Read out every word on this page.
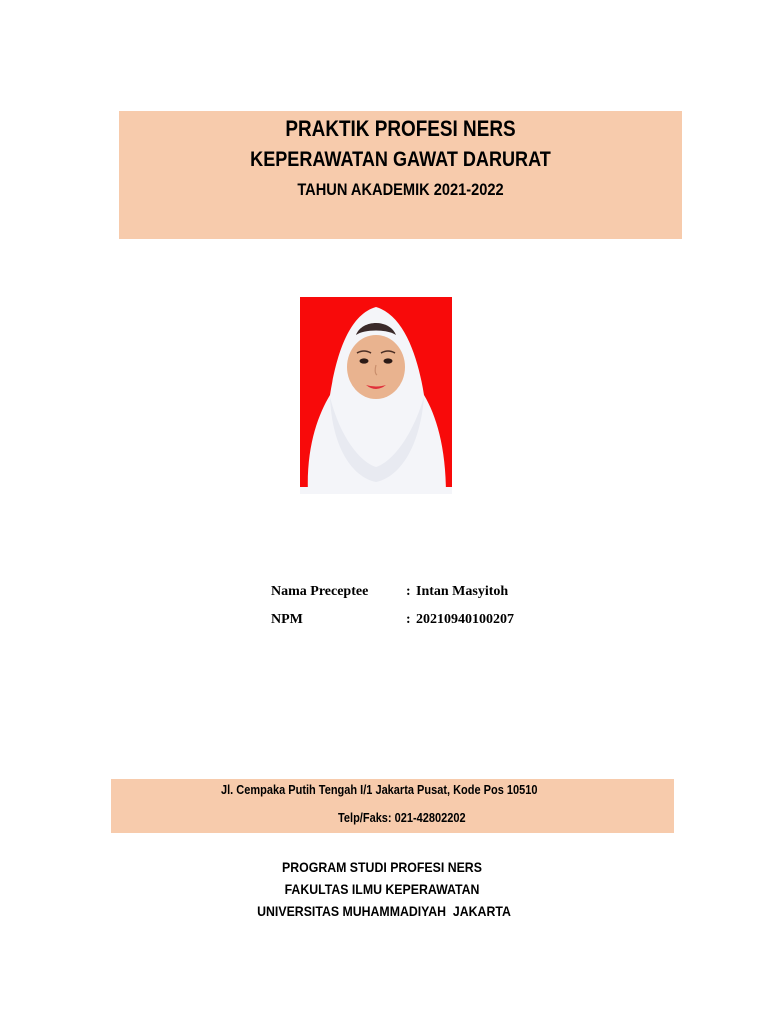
PRAKTIK PROFESI NERS
KEPERAWATAN GAWAT DARURAT
TAHUN AKADEMIK 2021-2022
Nama Preceptee	: Intan Masyitoh
NPM	: 20210940100207
Jl. Cempaka Putih Tengah I/1 Jakarta Pusat, Kode Pos 10510
Telp/Faks: 021-42802202
PROGRAM STUDI PROFESI NERS
FAKULTAS ILMU KEPERAWATAN
UNIVERSITAS MUHAMMADIYAH  JAKARTA
